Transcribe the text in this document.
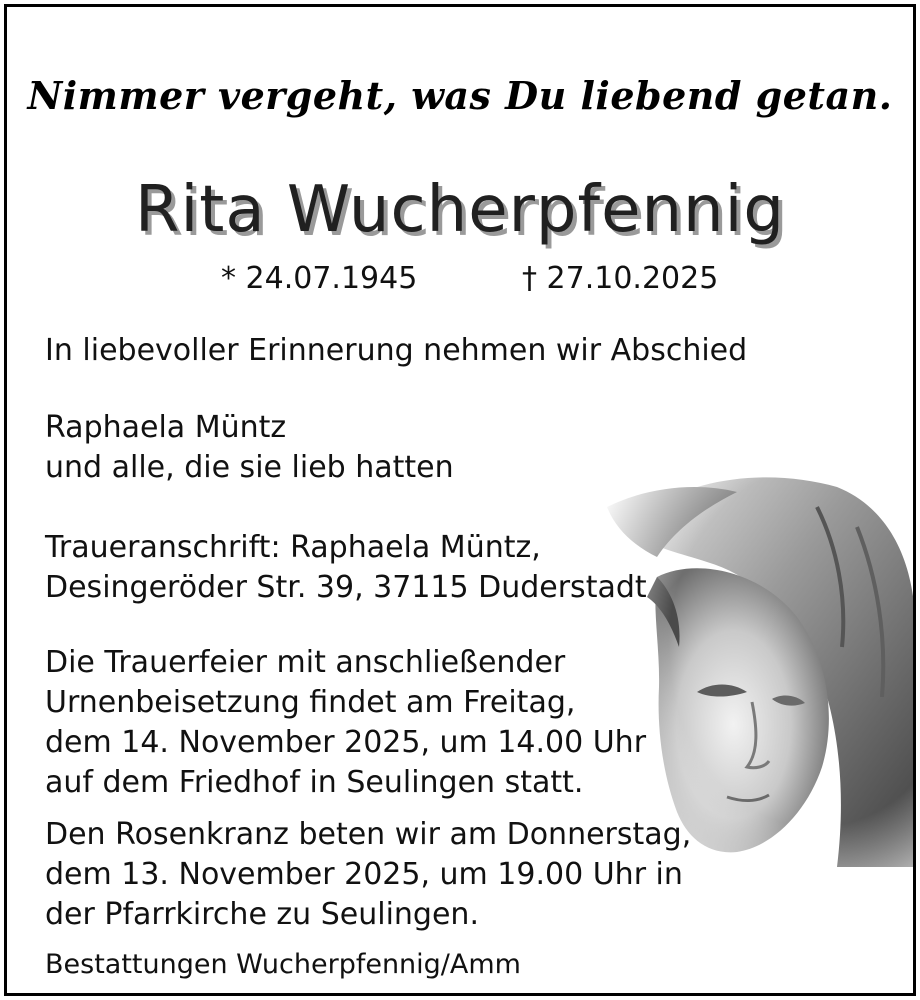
Nimmer vergeht, was Du liebend getan.
Rita Wucherpfennig
* 24.07.1945	† 27.10.2025
In liebevoller Erinnerung nehmen wir Abschied
Raphaela Müntz
und alle, die sie lieb hatten
Traueranschrift: Raphaela Müntz,
Desingeröder Str. 39, 37115 Duderstadt
Die Trauerfeier mit anschließender
Urnenbeisetzung findet am Freitag,
dem 14. November 2025, um 14.00 Uhr
auf dem Friedhof in Seulingen statt.
Den Rosenkranz beten wir am Donnerstag,
dem 13. November 2025, um 19.00 Uhr in
der Pfarrkirche zu Seulingen.
Bestattungen Wucherpfennig/Amm
